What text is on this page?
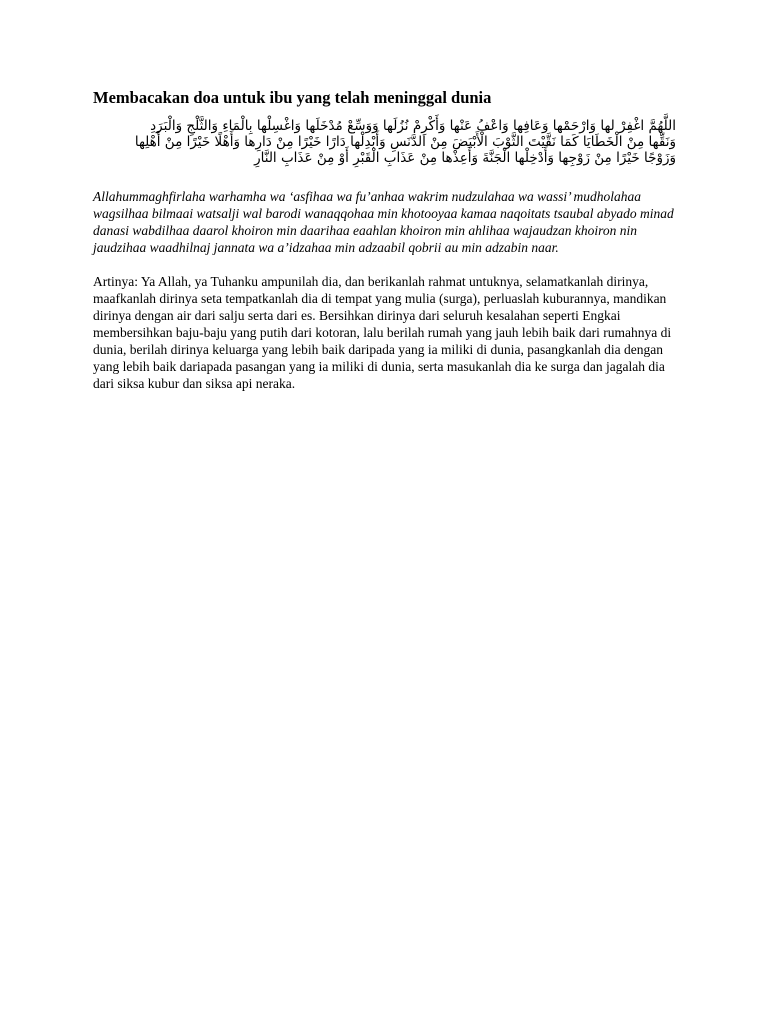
Membacakan doa untuk ibu yang telah meninggal dunia
اللَّهُمَّ اغْفِرْ لها وَارْحَمْها وَعَافِها وَاعْفُ عَنْها وَأَكْرِمْ نُزُلَها وَوَسِّعْ مُدْخَلَها وَاغْسِلْها بِالْمَاءِ وَالثَّلْجِ وَالْبَرَدِ
وَنَقِّها مِنْ الْخَطَايَا كَمَا نَقَّيْتَ الثَّوْبَ الْأَبْيَضَ مِنْ الدَّنَسِ وَأَبْدِلْها دَارًا خَيْرًا مِنْ دَارِها وَأَهْلًا خَيْرًا مِنْ أَهْلِها
وَزَوْجًا خَيْرًا مِنْ زَوْجِها وَأَدْخِلْها الْجَنَّةَ وَأَعِذْها مِنْ عَذَابِ الْقَبْرِ أَوْ مِنْ عَذَابِ النَّارِ

Allahummaghfirlaha warhamha wa ‘asfihaa wa fu’anhaa wakrim nudzulahaa wa wassi’ mudholahaa wagsilhaa bilmaai watsalji wal barodi wanaqqohaa min khotooyaa kamaa naqoitats tsaubal abyado minad danasi wabdilhaa daarol khoiron min daarihaa eaahlan khoiron min ahlihaa wajaudzan khoiron nin jaudzihaa waadhilnaj jannata wa a’idzahaa min adzaabil qobrii au min adzabin naar.

Artinya: Ya Allah, ya Tuhanku ampunilah dia, dan berikanlah rahmat untuknya, selamatkanlah dirinya, maafkanlah dirinya seta tempatkanlah dia di tempat yang mulia (surga), perluaslah kuburannya, mandikan dirinya dengan air dari salju serta dari es. Bersihkan dirinya dari seluruh kesalahan seperti Engkai membersihkan baju-baju yang putih dari kotoran, lalu berilah rumah yang jauh lebih baik dari rumahnya di dunia, berilah dirinya keluarga yang lebih baik daripada yang ia miliki di dunia, pasangkanlah dia dengan yang lebih baik dariapada pasangan yang ia miliki di dunia, serta masukanlah dia ke surga dan jagalah dia dari siksa kubur dan siksa api neraka.
